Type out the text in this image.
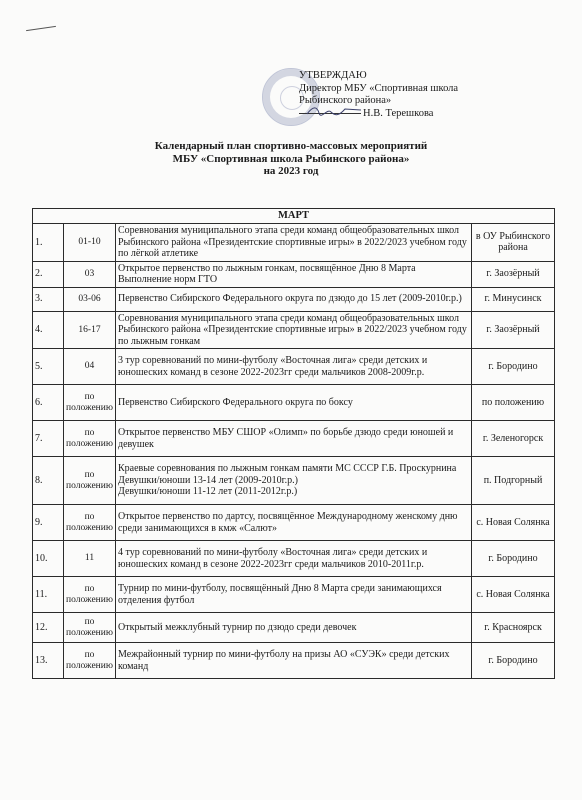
УТВЕРЖДАЮ
Директор МБУ «Спортивная школа
Рыбинского района»
Н.В. Терешкова
Календарный план спортивно-массовых мероприятий
МБУ «Спортивная школа Рыбинского района»
на 2023 год
МАРТ			
1.	01-10	Соревнования муниципального этапа среди команд общеобразовательных школ Рыбинского района «Президентские спортивные игры» в 2022/2023 учебном году по лёгкой атлетике	в ОУ Рыбинского района
2.	03	Открытое первенство по лыжным гонкам, посвящённое Дню 8 Марта Выполнение норм ГТО	г. Заозёрный
3.	03-06	Первенство Сибирского Федерального округа по дзюдо до 15 лет (2009-2010г.р.)	г. Минусинск
4.	16-17	Соревнования муниципального этапа среди команд общеобразовательных школ Рыбинского района «Президентские спортивные игры» в 2022/2023 учебном году по лыжным гонкам	г. Заозёрный
5.	04	3 тур соревнований по мини-футболу «Восточная лига» среди детских и юношеских команд в сезоне 2022-2023гг среди мальчиков 2008-2009г.р.	г. Бородино
6.	по положению	Первенство Сибирского Федерального округа по боксу	по положению
7.	по положению	Открытое первенство МБУ СШОР «Олимп» по борьбе дзюдо среди юношей и девушек	г. Зеленогорск
8.	по положению	Краевые соревнования по лыжным гонкам памяти МС СССР Г.Б. Проскурнина
Девушки/юноши 13-14 лет (2009-2010г.р.)
Девушки/юноши 11-12 лет (2011-2012г.р.)	п. Подгорный
9.	по положению	Открытое первенство по дартсу, посвящённое Международному женскому дню среди занимающихся в кмж «Салют»	с. Новая Солянка
10.	11	4 тур соревнований по мини-футболу «Восточная лига» среди детских и юношеских команд в сезоне 2022-2023гг среди мальчиков 2010-2011г.р.	г. Бородино
11.	по положению	Турнир по мини-футболу, посвящённый Дню 8 Марта среди занимающихся отделения футбол	с. Новая Солянка
12.	по положению	Открытый межклубный турнир по дзюдо среди девочек	г. Красноярск
13.	по положению	Межрайонный турнир по мини-футболу на призы АО «СУЭК» среди детских команд	г. Бородино
